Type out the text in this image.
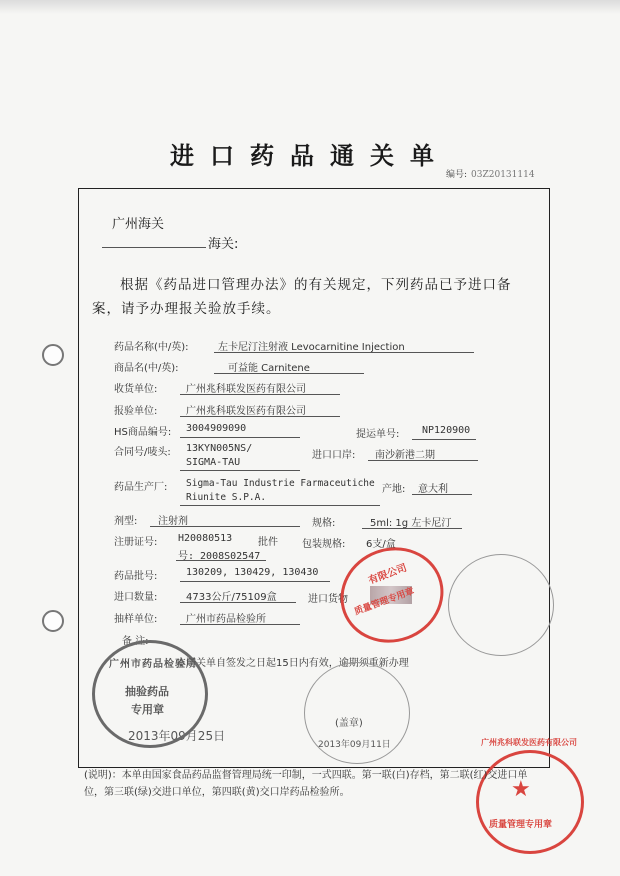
进口药品通关单
编号: 03Z20131114
广州海关
海关:
根据《药品进口管理办法》的有关规定，下列药品已予进口备
案，请予办理报关验放手续。
药品名称(中/英):	左卡尼汀注射液 Levocarnitine Injection
商品名(中/英):	可益能 Carnitene
收货单位:	广州兆科联发医药有限公司
报验单位:	广州兆科联发医药有限公司
HS商品编号: 3004909090
提运单号: NP120900
合同号/唛头: 13KYN005NS/
SIGMA-TAU
进口口岸: 南沙新港二期
药品生产厂: Sigma-Tau Industrie Farmaceutiche
Riunite S.P.A.
产地: 意大利
剂型: 注射剂	规格:	5ml: 1g 左卡尼汀
注册证号: H20080513	批件
号: 2008S02547
包装规格: 6支/盒
药品批号:	130209, 130429, 130430
进口数量:	4733公斤/75109盒	进口货物
抽样单位:	广州市药品检验所
备 注:
本通关单自签发之日起15日内有效，逾期须重新办理
(盖章)
2013年09月25日
2013年09月11日
广州市药品检验所
抽验药品
专用章
有限公司
质量管理专用章
★
广州兆科联发医药有限公司
质量管理专用章
(说明)：本单由国家食品药品监督管理局统一印制，一式四联。第一联(白)存档，第二联(红)交进口单位，第三联(绿)交进口单位，第四联(黄)交口岸药品检验所。
